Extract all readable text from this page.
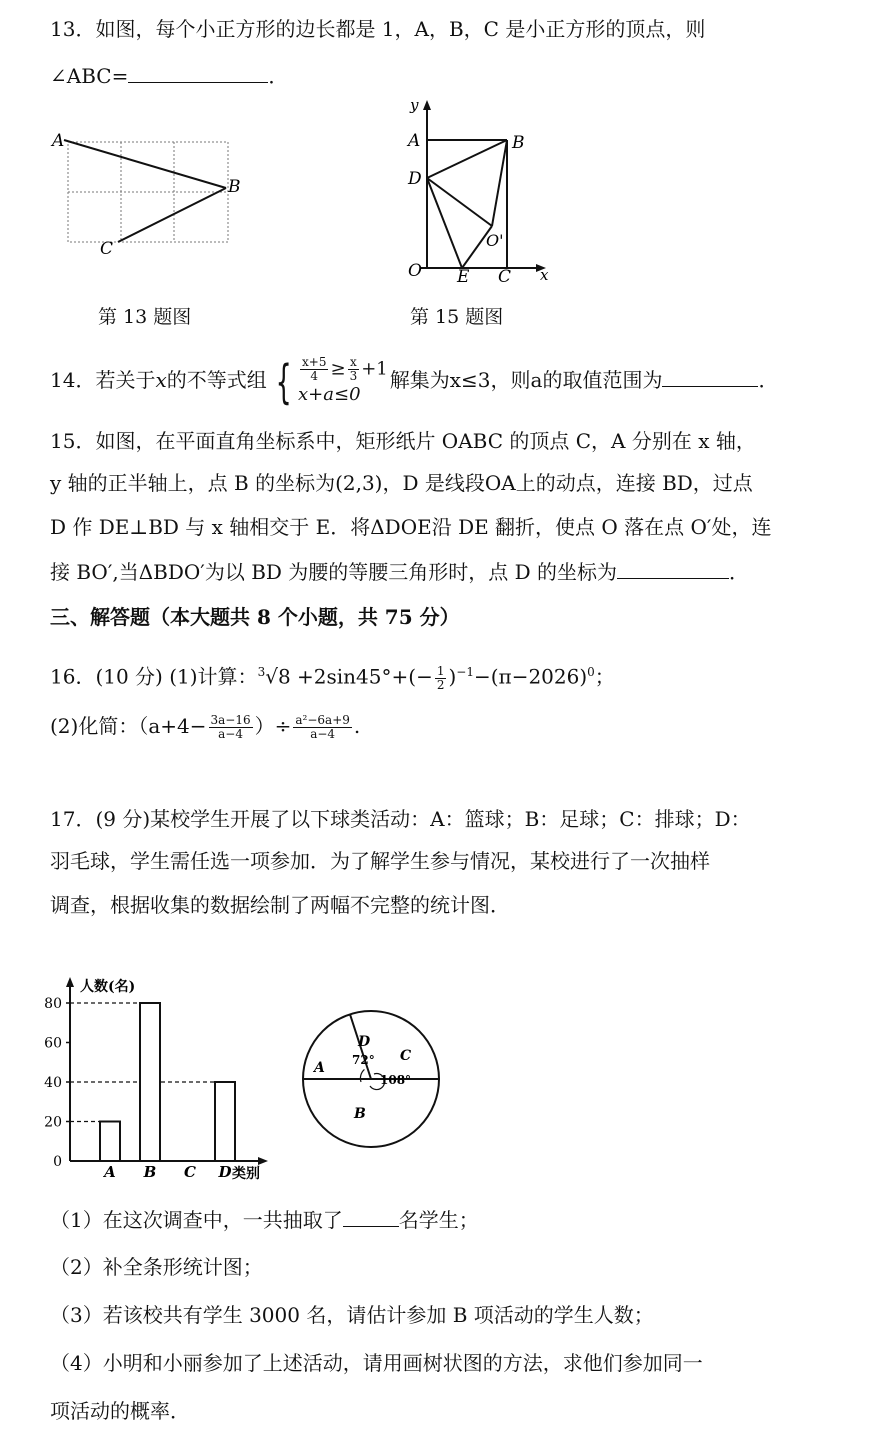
13．如图，每个小正方形的边长都是 1，A，B，C 是小正方形的顶点，则
∠ABC=	．
A
B
C
y
A	B
D
O'
O E C x
第 13 题图	第 15 题图
14．若关于x的不等式组 { $\frac{x+5}{4} \ge \frac{x}{3} +1$
x+a≤0
解集为x≤3，则a的取值范围为	．
15．如图，在平面直角坐标系中，矩形纸片 OABC 的顶点 C，A 分别在 x 轴，
y 轴的正半轴上，点 B 的坐标为(2,3)，D 是线段OA上的动点，连接 BD，过点
D 作 DE⊥BD 与 x 轴相交于 E．将ΔDOE沿 DE 翻折，使点 O 落在点 O′处，连
接 BO′,当ΔBDO′为以 BD 为腰的等腰三角形时，点 D 的坐标为	．
三、解答题（本大题共 8 个小题，共 75 分）
16．(10 分) (1)计算：$^3√8 +2\sin 45^\circ+(- \frac{1}{2} )^{-1}-(\pi-2026)^0$；
(2)化简：（$a+4- \frac{3a-16}{a-4}$ ）÷ $\frac{\text{a²−6a+9}}{a-4}$ .
17．(9 分)某校学生开展了以下球类活动：A：篮球；B：足球；C：排球；D：
羽毛球，学生需任选一项参加．为了解学生参与情况，某校进行了一次抽样
调查，根据收集的数据绘制了两幅不完整的统计图．
人数(名)
类别
0
20
40
60
80
A B C D
A
B
C
D
72°
108°
（1）在这次调查中，一共抽取了	名学生；
（2）补全条形统计图；
（3）若该校共有学生 3000 名，请估计参加 B 项活动的学生人数；
（4）小明和小丽参加了上述活动，请用画树状图的方法，求他们参加同一
项活动的概率．
